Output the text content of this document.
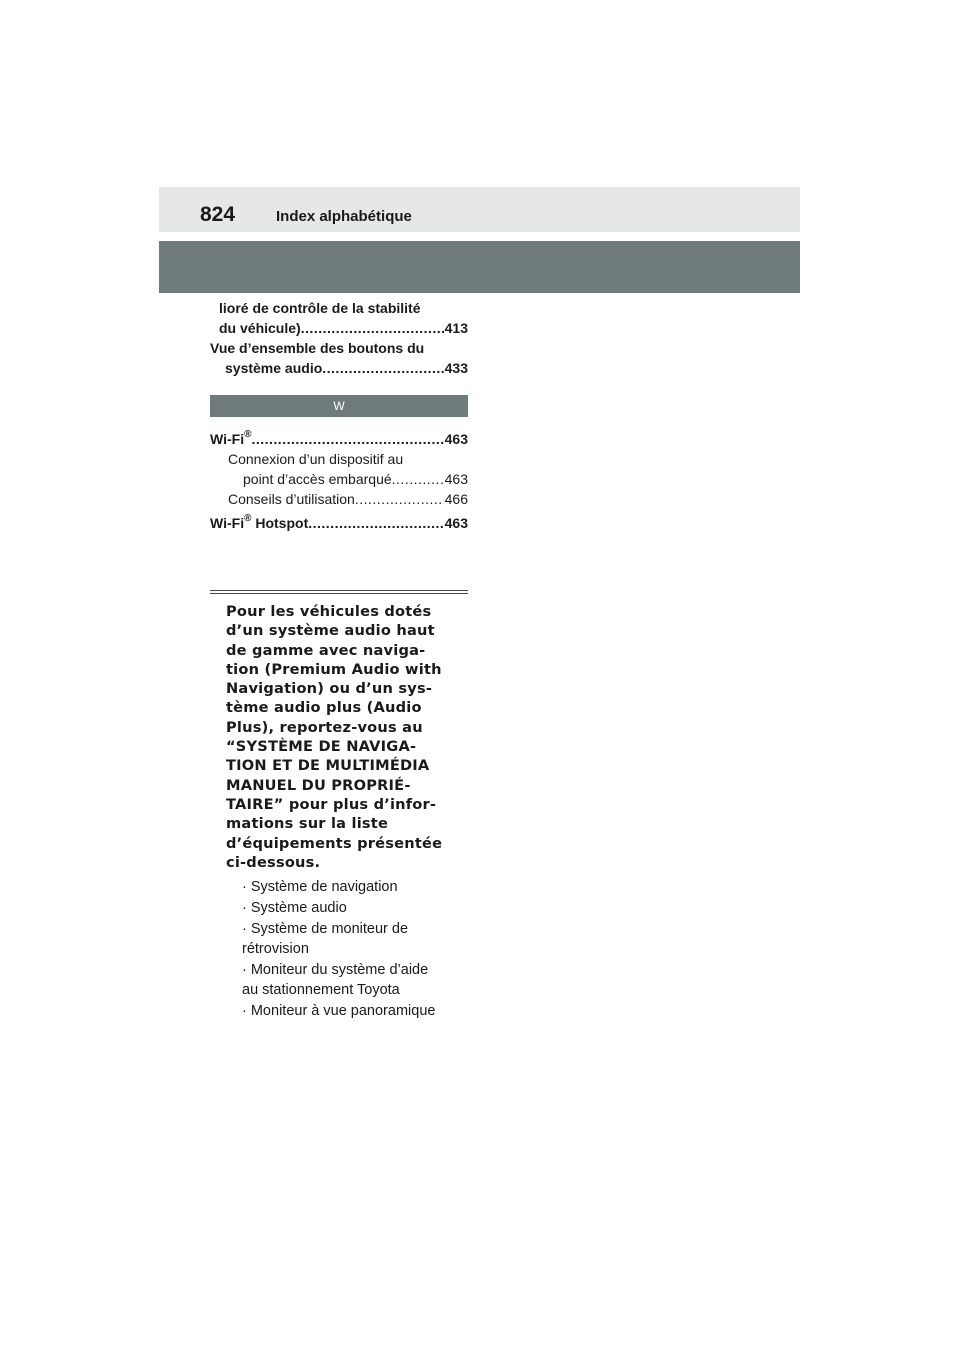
824	Index alphabétique
lioré de contrôle de la stabilité
du véhicule) .....	413
Vue d’ensemble des boutons du
système audio .....	433
W
Wi-Fi® .....	463
Connexion d’un dispositif au
point d’accès embarqué .....	463
Conseils d’utilisation .....	466
Wi-Fi® Hotspot .....	463
Pour les véhicules dotés
d’un système audio haut
de gamme avec naviga-
tion (Premium Audio with
Navigation) ou d’un sys-
tème audio plus (Audio
Plus), reportez-vous au
“SYSTÈME DE NAVIGA-
TION ET DE MULTIMÉDIA
MANUEL DU PROPRIÉ-
TAIRE” pour plus d’infor-
mations sur la liste
d’équipements présentée
ci-dessous.
· Système de navigation
· Système audio
· Système de moniteur de
rétrovision
· Moniteur du système d’aide
au stationnement Toyota
· Moniteur à vue panoramique
